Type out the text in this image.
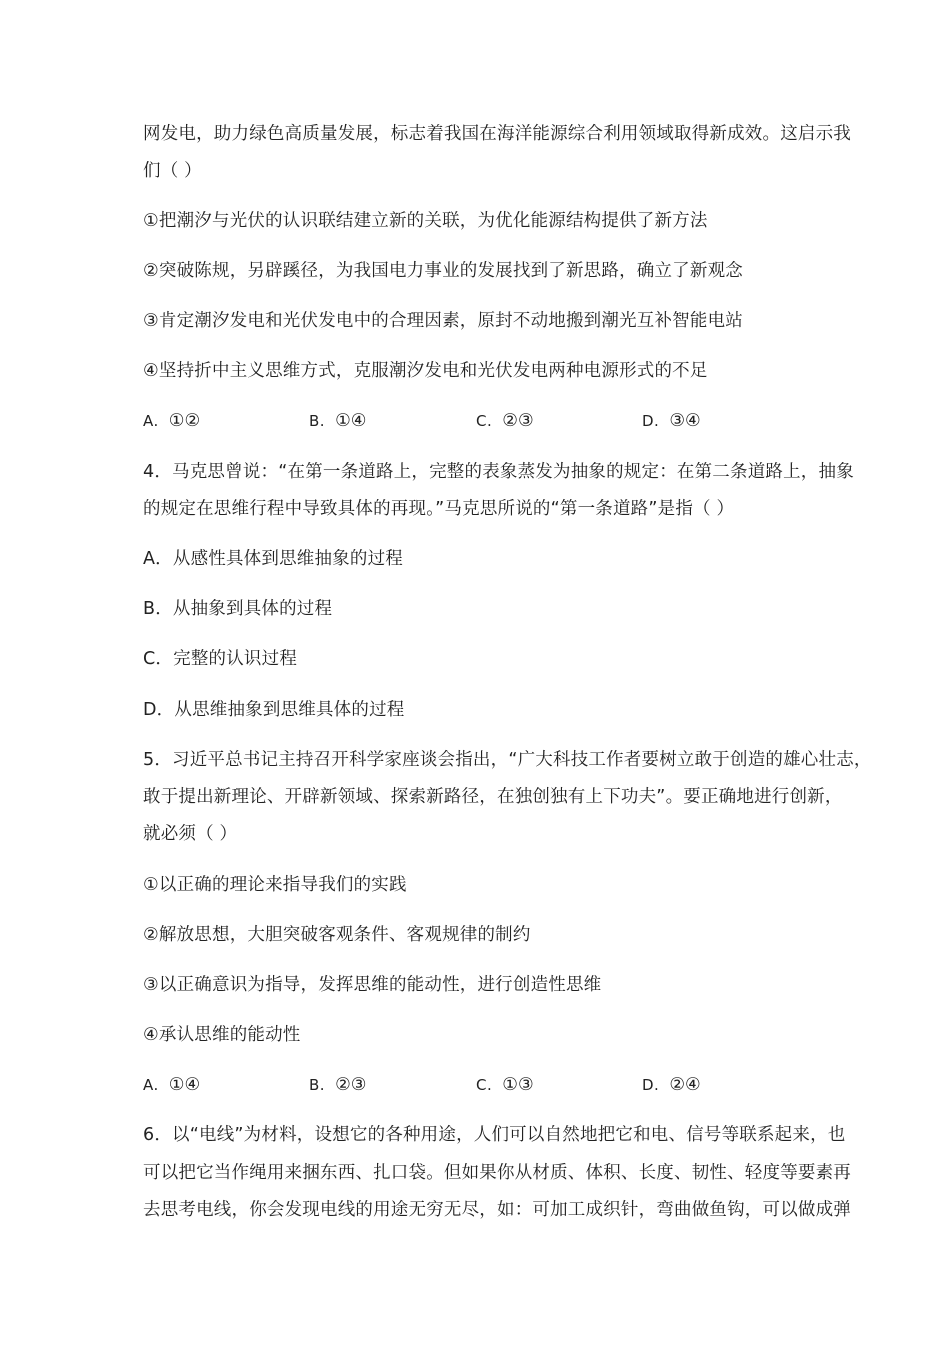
网发电，助力绿色高质量发展，标志着我国在海洋能源综合利用领域取得新成效。这启示我
们（ ）
①把潮汐与光伏的认识联结建立新的关联，为优化能源结构提供了新方法
②突破陈规，另辟蹊径，为我国电力事业的发展找到了新思路，确立了新观念
③肯定潮汐发电和光伏发电中的合理因素，原封不动地搬到潮光互补智能电站
④坚持折中主义思维方式，克服潮汐发电和光伏发电两种电源形式的不足
A. ①②	B. ①④	C. ②③	D. ③④
4．马克思曾说：“在第一条道路上，完整的表象蒸发为抽象的规定：在第二条道路上，抽象
的规定在思维行程中导致具体的再现。”马克思所说的“第一条道路”是指（ ）
A．从感性具体到思维抽象的过程
B．从抽象到具体的过程
C．完整的认识过程
D．从思维抽象到思维具体的过程
5．习近平总书记主持召开科学家座谈会指出，“广大科技工作者要树立敢于创造的雄心壮志，
敢于提出新理论、开辟新领域、探索新路径，在独创独有上下功夫”。要正确地进行创新，
就必须（ ）
①以正确的理论来指导我们的实践
②解放思想，大胆突破客观条件、客观规律的制约
③以正确意识为指导，发挥思维的能动性，进行创造性思维
④承认思维的能动性
A. ①④	B. ②③	C. ①③	D. ②④
6．以“电线”为材料，设想它的各种用途，人们可以自然地把它和电、信号等联系起来，也
可以把它当作绳用来捆东西、扎口袋。但如果你从材质、体积、长度、韧性、轻度等要素再
去思考电线，你会发现电线的用途无穷无尽，如：可加工成织针，弯曲做鱼钩，可以做成弹
